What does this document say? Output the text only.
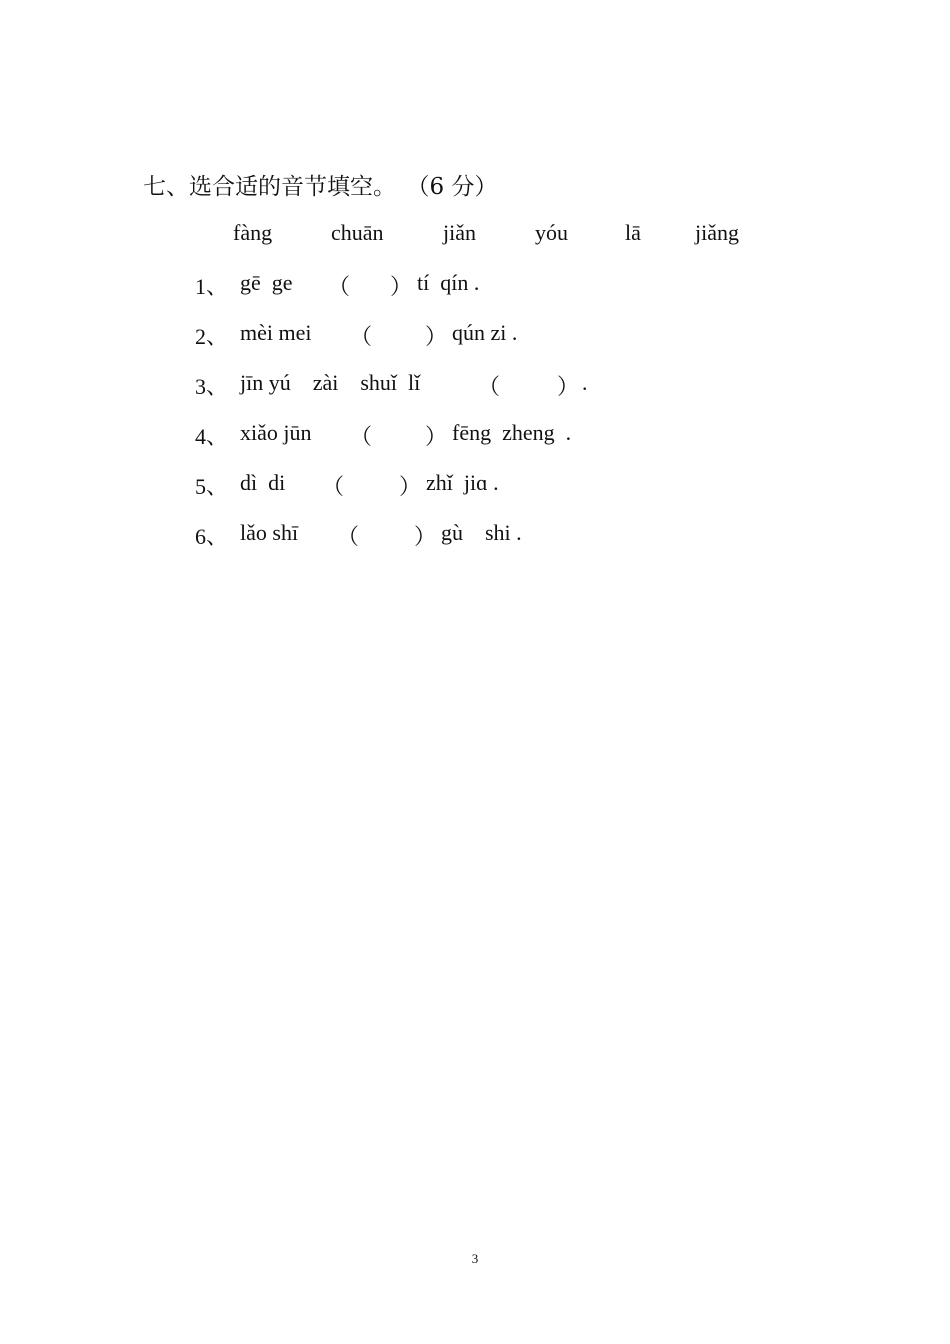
七、选合适的音节填空。 （6 分）
fàng	chuān	jiǎn	yóu	lā jiǎng
1、 gē  ge （ ） tí  qín .
2、 mèi mei （ ） qún zi .
3、 jīn yú    zài    shuǐ  lǐ	（	） .
4、 xiǎo jūn （ ） fēng  zheng  .
5、 dì  di （ ） zhǐ  jiɑ .
6、 lǎo shī （ ） gù    shi .
3
